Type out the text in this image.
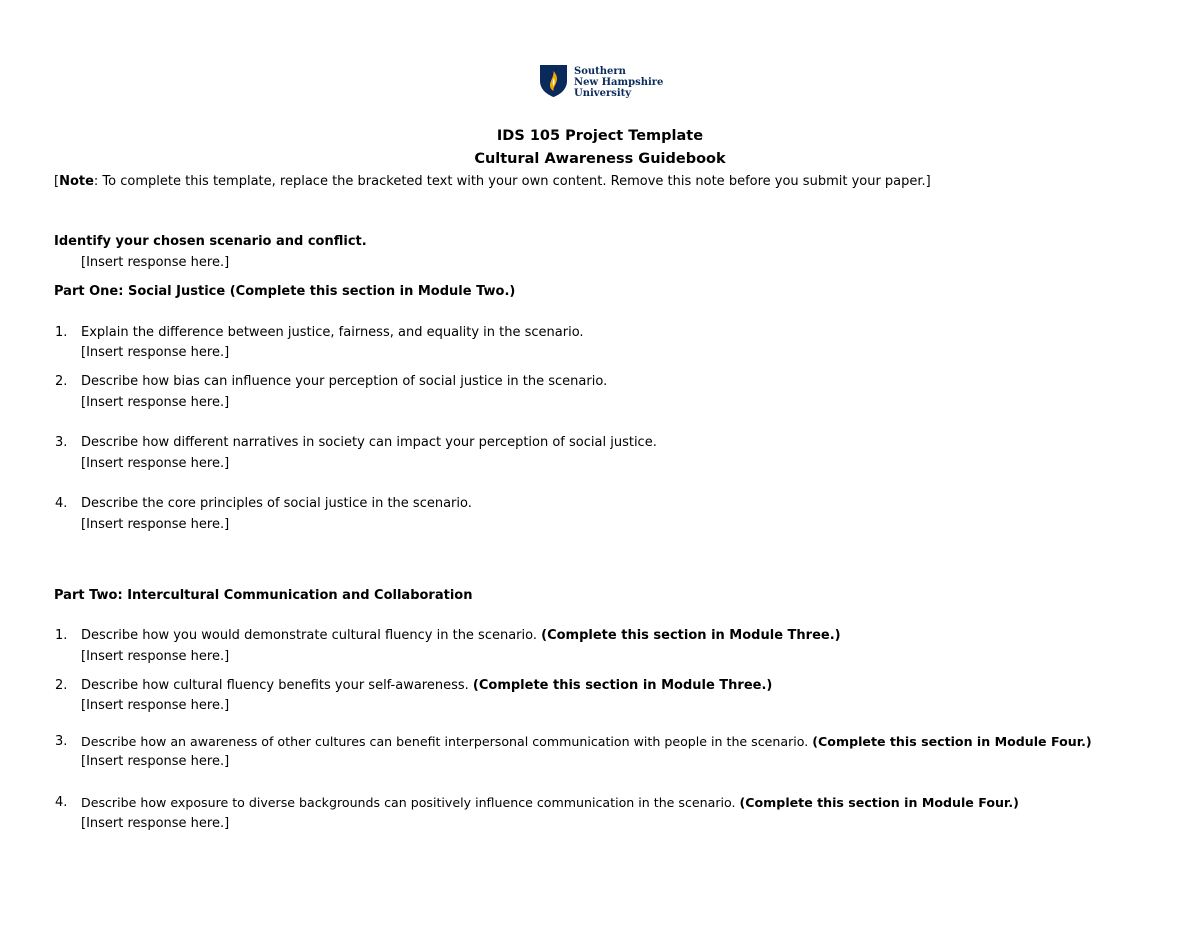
Southern
New Hampshire
University
IDS 105 Project Template
Cultural Awareness Guidebook
[Note: To complete this template, replace the bracketed text with your own content. Remove this note before you submit your paper.]
Identify your chosen scenario and conflict.
[Insert response here.]
Part One: Social Justice (Complete this section in Module Two.)
1. Explain the difference between justice, fairness, and equality in the scenario.
[Insert response here.]
2. Describe how bias can influence your perception of social justice in the scenario.
[Insert response here.]
3. Describe how different narratives in society can impact your perception of social justice.
[Insert response here.]
4. Describe the core principles of social justice in the scenario.
[Insert response here.]
Part Two: Intercultural Communication and Collaboration
1. Describe how you would demonstrate cultural fluency in the scenario. (Complete this section in Module Three.)
[Insert response here.]
2. Describe how cultural fluency benefits your self-awareness. (Complete this section in Module Three.)
[Insert response here.]
3. Describe how an awareness of other cultures can benefit interpersonal communication with people in the scenario. (Complete this section in Module Four.)
[Insert response here.]
4. Describe how exposure to diverse backgrounds can positively influence communication in the scenario. (Complete this section in Module Four.)
[Insert response here.]
